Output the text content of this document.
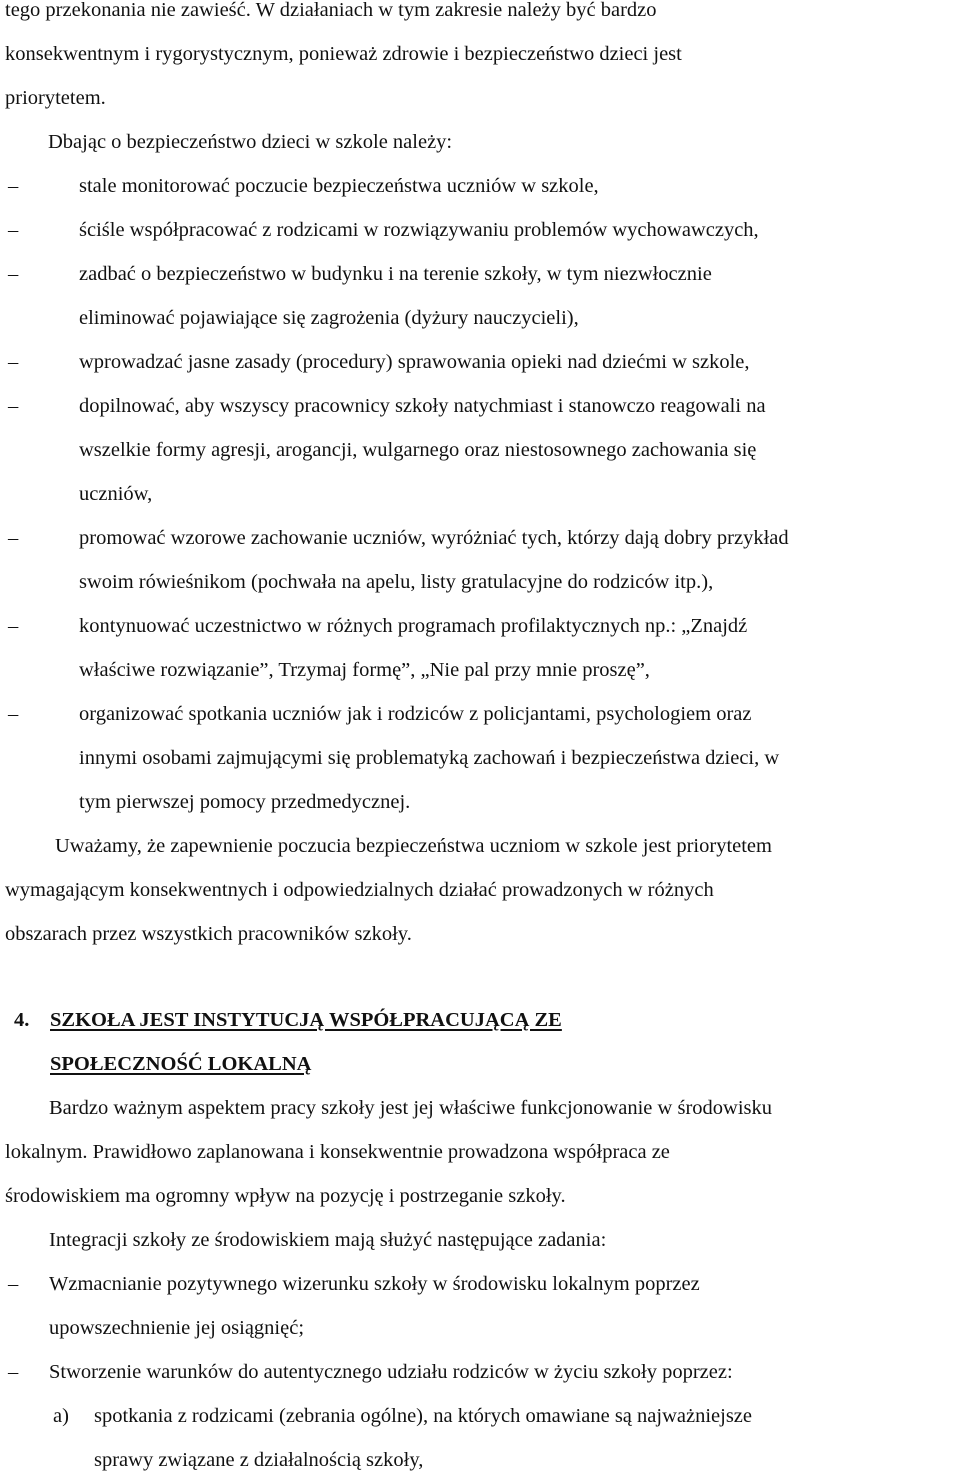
tego przekonania nie zawieść. W działaniach w tym zakresie należy być bardzo

konsekwentnym i rygorystycznym, ponieważ zdrowie i bezpieczeństwo dzieci jest

priorytetem.

Dbając o bezpieczeństwo dzieci w szkole należy:

–

stale monitorować poczucie bezpieczeństwa uczniów w szkole,

–

ściśle współpracować z rodzicami w rozwiązywaniu problemów wychowawczych,

–

zadbać o bezpieczeństwo w budynku i na terenie szkoły, w tym niezwłocznie

eliminować pojawiające się zagrożenia (dyżury nauczycieli),

–

wprowadzać jasne zasady (procedury) sprawowania opieki nad dziećmi w szkole,

–

dopilnować, aby wszyscy pracownicy szkoły natychmiast i stanowczo reagowali na

wszelkie formy agresji, arogancji, wulgarnego oraz niestosownego zachowania się

uczniów,

–

promować wzorowe zachowanie uczniów, wyróżniać tych, którzy dają dobry przykład

swoim rówieśnikom (pochwała na apelu, listy gratulacyjne do rodziców itp.),

–

kontynuować uczestnictwo w różnych programach profilaktycznych np.: „Znajdź

właściwe rozwiązanie”, Trzymaj formę”, „Nie pal przy mnie proszę”,

–

organizować spotkania uczniów jak i rodziców z policjantami, psychologiem oraz

innymi osobami zajmującymi się problematyką zachowań i bezpieczeństwa dzieci, w

tym pierwszej pomocy przedmedycznej.

Uważamy, że zapewnienie poczucia bezpieczeństwa uczniom w szkole jest priorytetem

wymagającym konsekwentnych i odpowiedzialnych działać prowadzonych w różnych

obszarach przez wszystkich pracowników szkoły.

4. SZKOŁA JEST INSTYTUCJĄ WSPÓŁPRACUJĄCĄ ZE

SPOŁECZNOŚĆ LOKALNĄ

Bardzo ważnym aspektem pracy szkoły jest jej właściwe funkcjonowanie w środowisku

lokalnym. Prawidłowo zaplanowana i konsekwentnie prowadzona współpraca ze

środowiskiem ma ogromny wpływ na pozycję i postrzeganie szkoły.

Integracji szkoły ze środowiskiem mają służyć następujące zadania:

–

Wzmacnianie pozytywnego wizerunku szkoły w środowisku lokalnym poprzez

upowszechnienie jej osiągnięć;

–

Stworzenie warunków do autentycznego udziału rodziców w życiu szkoły poprzez:

a) spotkania z rodzicami (zebrania ogólne), na których omawiane są najważniejsze

sprawy związane z działalnością szkoły,
